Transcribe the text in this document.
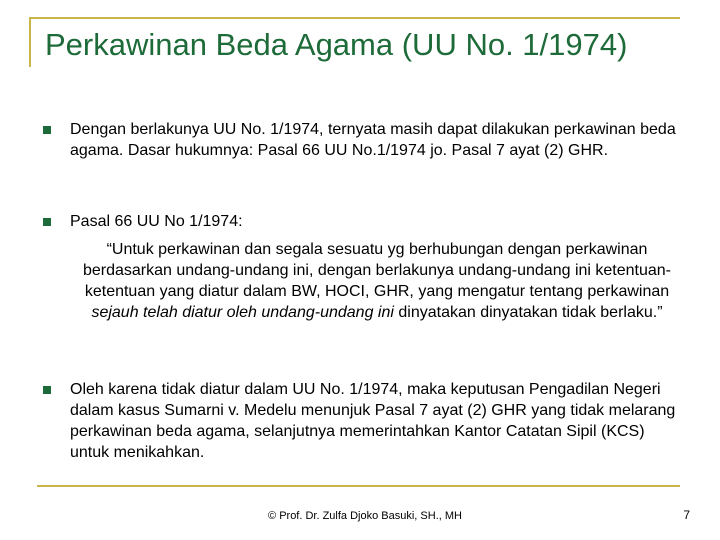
Perkawinan Beda Agama (UU No. 1/1974)

Dengan berlakunya UU No. 1/1974, ternyata masih dapat dilakukan perkawinan beda agama. Dasar hukumnya: Pasal 66 UU No.1/1974 jo. Pasal 7 ayat (2) GHR.

Pasal 66 UU No 1/1974:

“Untuk perkawinan dan segala sesuatu yg berhubungan dengan perkawinan berdasarkan undang-undang ini, dengan berlakunya undang-undang ini ketentuan-ketentuan yang diatur dalam BW, HOCI, GHR, yang mengatur tentang perkawinan sejauh telah diatur oleh undang-undang ini dinyatakan dinyatakan tidak berlaku.”

Oleh karena tidak diatur dalam UU No. 1/1974, maka keputusan Pengadilan Negeri dalam kasus Sumarni v. Medelu menunjuk Pasal 7 ayat (2) GHR yang tidak melarang perkawinan beda agama, selanjutnya memerintahkan Kantor Catatan Sipil (KCS) untuk menikahkan.

© Prof. Dr. Zulfa Djoko Basuki, SH., MH	7
